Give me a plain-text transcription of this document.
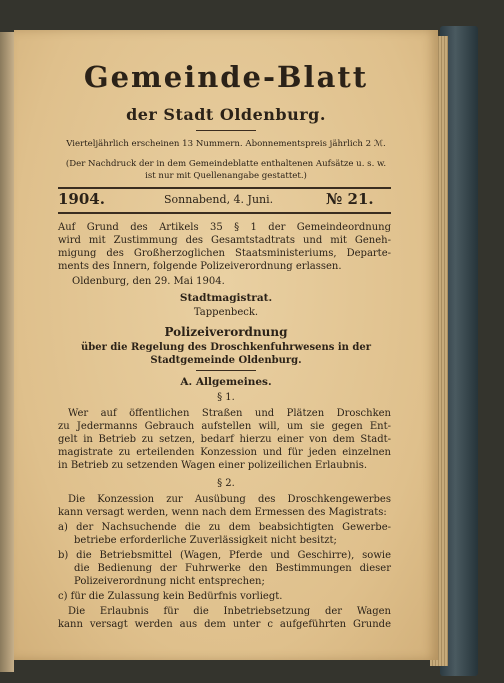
Gemeinde-Blatt
der Stadt Oldenburg.
Vierteljährlich erscheinen 13 Nummern. Abonnementspreis jährlich 2 ℳ.
(Der Nachdruck der in dem Gemeindeblatte enthaltenen Aufsätze u. s. w.
ist nur mit Quellenangabe gestattet.)
1904.	Sonnabend, 4. Juni.	№ 21.
Auf Grund des Artikels 35 § 1 der Gemeindeordnung
wird mit Zustimmung des Gesamtstadtrats und mit Geneh-
migung des Großherzoglichen Staatsministeriums, Departe-
ments des Innern, folgende Polizeiverordnung erlassen.
Oldenburg, den 29. Mai 1904.
Stadtmagistrat.
Tappenbeck.
Polizeiverordnung
über die Regelung des Droschkenfuhrwesens in der
Stadtgemeinde Oldenburg.
A. Allgemeines.
§ 1.
Wer auf öffentlichen Straßen und Plätzen Droschken
zu Jedermanns Gebrauch aufstellen will, um sie gegen Ent-
gelt in Betrieb zu setzen, bedarf hierzu einer von dem Stadt-
magistrate zu erteilenden Konzession und für jeden einzelnen
in Betrieb zu setzenden Wagen einer polizeilichen Erlaubnis.
§ 2.
Die Konzession zur Ausübung des Droschkengewerbes
kann versagt werden, wenn nach dem Ermessen des Magistrats:
a) der Nachsuchende die zu dem beabsichtigten Gewerbe-
betriebe erforderliche Zuverlässigkeit nicht besitzt;
b) die Betriebsmittel (Wagen, Pferde und Geschirre), sowie
die Bedienung der Fuhrwerke den Bestimmungen dieser
Polizeiverordnung nicht entsprechen;
c) für die Zulassung kein Bedürfnis vorliegt.
Die Erlaubnis für die Inbetriebsetzung der Wagen
kann versagt werden aus dem unter c aufgeführten Grunde
